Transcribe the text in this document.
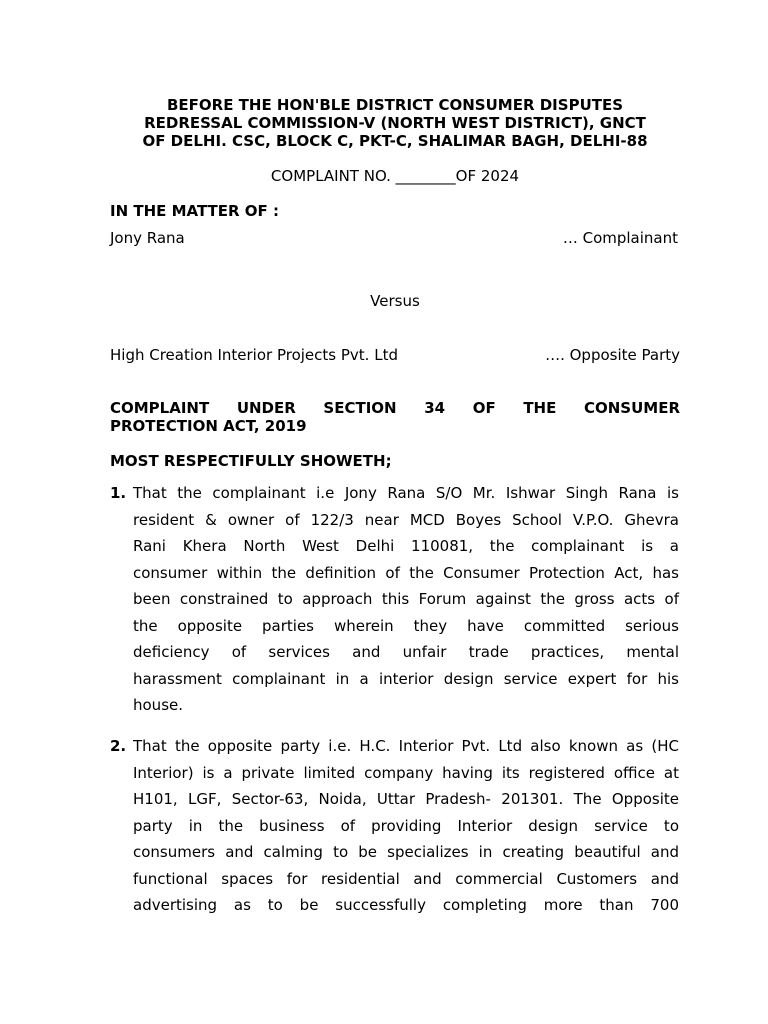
BEFORE THE HON'BLE DISTRICT CONSUMER DISPUTES
REDRESSAL COMMISSION-V (NORTH WEST DISTRICT), GNCT
OF DELHI. CSC, BLOCK C, PKT-C, SHALIMAR BAGH, DELHI-88
COMPLAINT NO. ________OF 2024
IN THE MATTER OF :
Jony Rana	… Complainant
Versus
High Creation Interior Projects Pvt. Ltd	…. Opposite Party
COMPLAINT UNDER SECTION 34 OF THE CONSUMER
PROTECTION ACT, 2019
MOST RESPECTIFULLY SHOWETH;
1. That the complainant i.e Jony Rana S/O Mr. Ishwar Singh Rana is
resident & owner of 122/3 near MCD Boyes School V.P.O. Ghevra
Rani Khera North West Delhi 110081, the complainant is a
consumer within the definition of the Consumer Protection Act, has
been constrained to approach this Forum against the gross acts of
the opposite parties wherein they have committed serious
deficiency of services and unfair trade practices, mental
harassment complainant in a interior design service expert for his
house.
2. That the opposite party i.e. H.C. Interior Pvt. Ltd also known as (HC
Interior) is a private limited company having its registered office at
H101, LGF, Sector-63, Noida, Uttar Pradesh- 201301. The Opposite
party in the business of providing Interior design service to
consumers and calming to be specializes in creating beautiful and
functional spaces for residential and commercial Customers and
advertising as to be successfully completing more than 700
